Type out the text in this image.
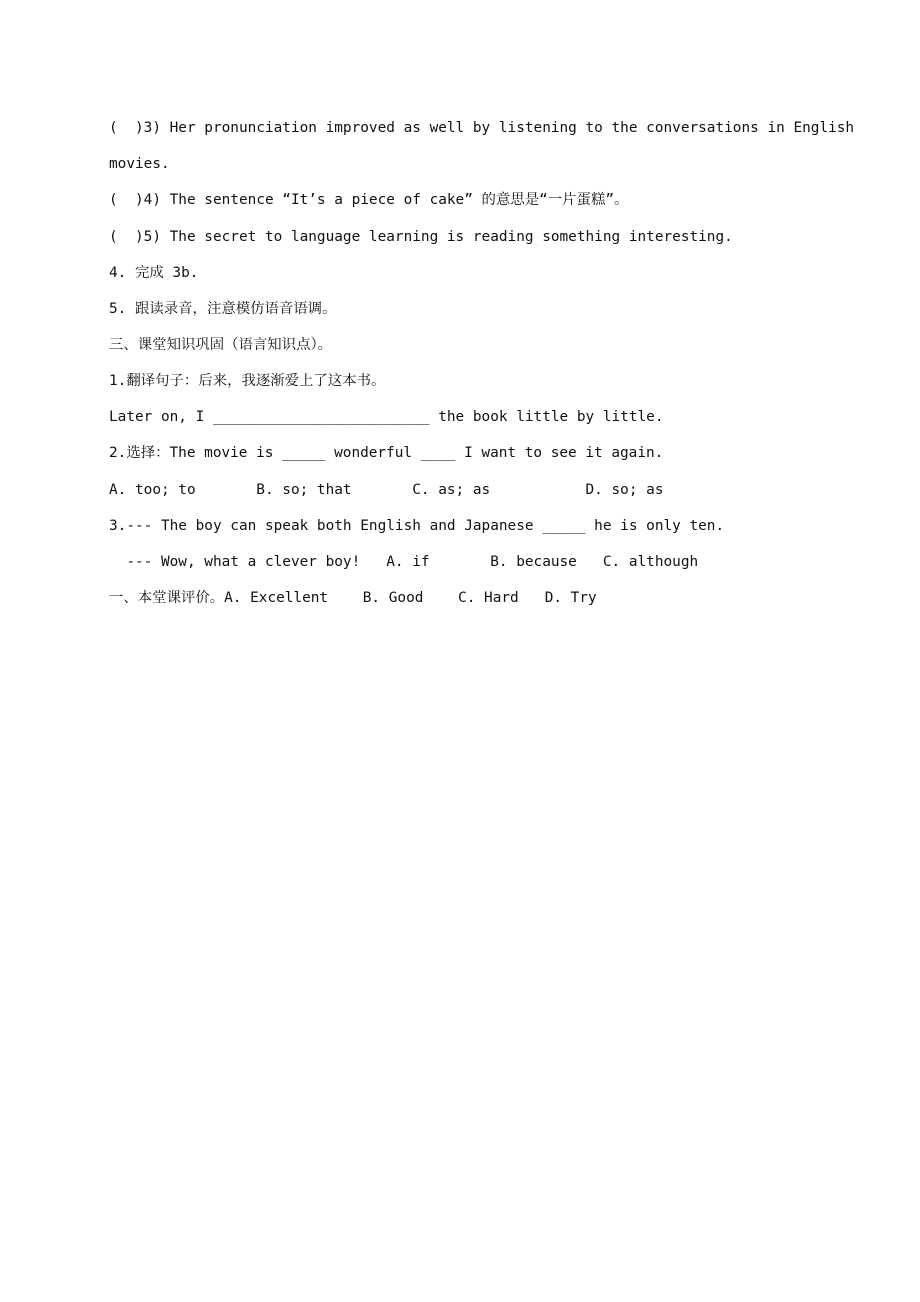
(  )3) Her pronunciation improved as well by listening to the conversations in English
movies.
(  )4) The sentence “It’s a piece of cake” 的意思是“一片蛋糕”。
(  )5) The secret to language learning is reading something interesting.
4. 完成 3b.
5. 跟读录音，注意模仿语音语调。
三、课堂知识巩固（语言知识点）。
1.翻译句子：后来，我逐渐爱上了这本书。
Later on, I _________________________ the book little by little.
2.选择：The movie is _____ wonderful ____ I want to see it again.
A. too; to       B. so; that       C. as; as           D. so; as
3.--- The boy can speak both English and Japanese _____ he is only ten.
--- Wow, what a clever boy!   A. if       B. because   C. although
一、本堂课评价。A. Excellent    B. Good    C. Hard   D. Try
